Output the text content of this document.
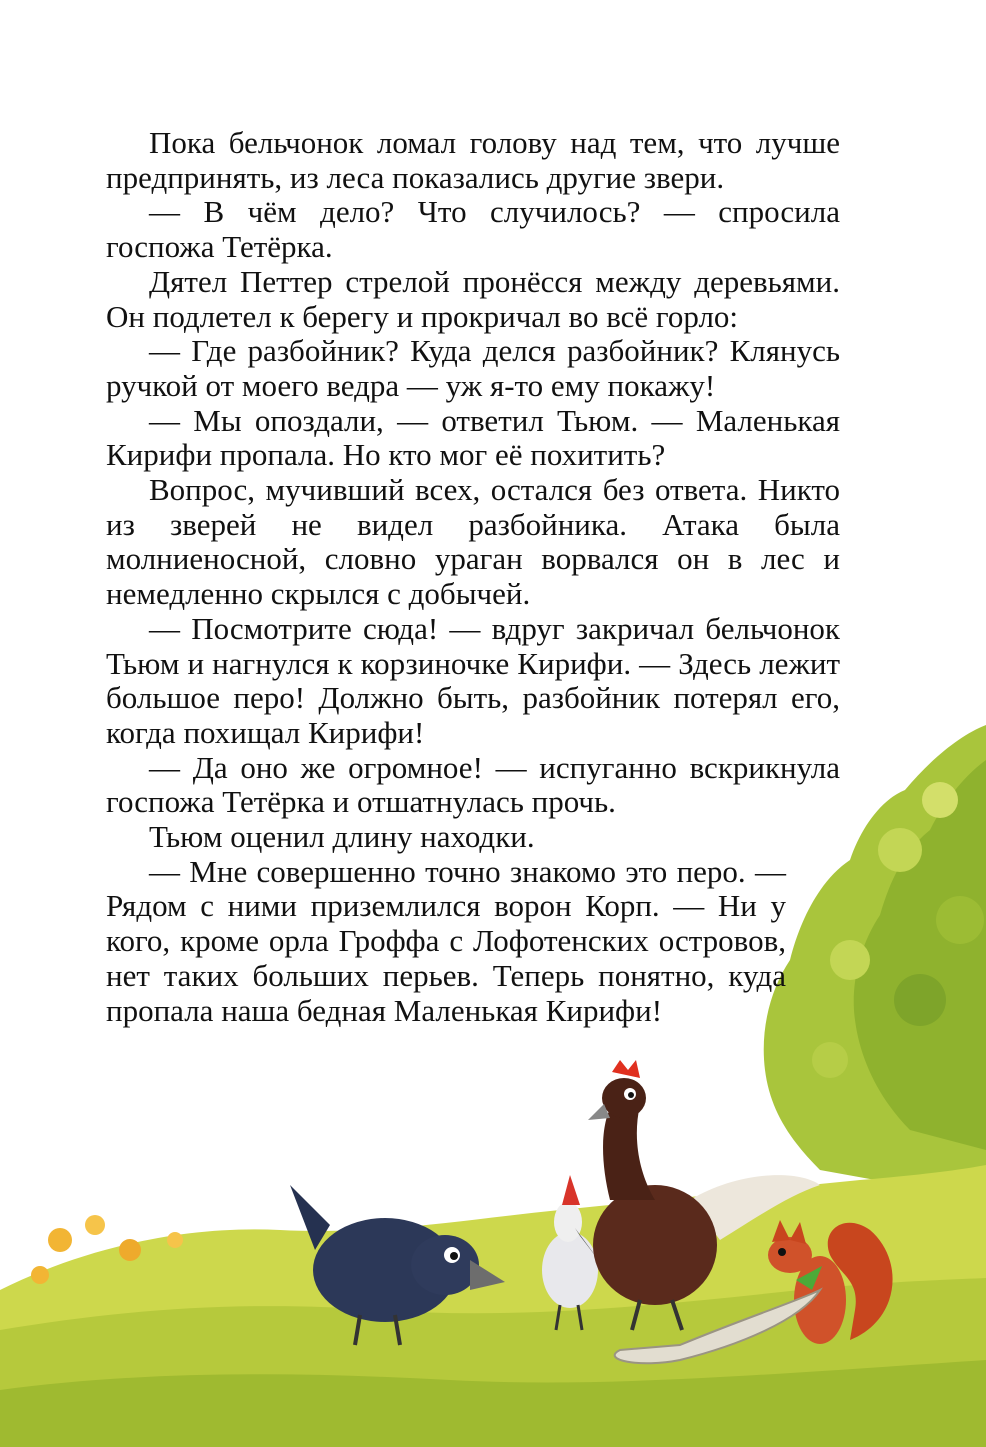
Пока бельчонок ломал голову над тем, что лучше предпринять, из леса показались другие звери.

— В чём дело? Что случилось? — спросила госпожа Тетёрка.

Дятел Петтер стрелой пронёсся между деревьями. Он подлетел к берегу и прокричал во всё горло:

— Где разбойник? Куда делся разбойник? Клянусь ручкой от моего ведра — уж я-то ему покажу!

— Мы опоздали, — ответил Тьюм. — Маленькая Кирифи пропала. Но кто мог её похитить?

Вопрос, мучивший всех, остался без ответа. Никто из зверей не видел разбойника. Атака была молниеносной, словно ураган ворвался он в лес и немедленно скрылся с добычей.

— Посмотрите сюда! — вдруг закричал бельчонок Тьюм и нагнулся к корзиночке Кирифи. — Здесь лежит большое перо! Должно быть, разбойник потерял его, когда похищал Кирифи!

— Да оно же огромное! — испуганно вскрикнула госпожа Тетёрка и отшатнулась прочь.

Тьюм оценил длину находки.

— Мне совершенно точно знакомо это перо. — Рядом с ними приземлился ворон Корп. — Ни у кого, кроме орла Гроффа с Лофотенских островов, нет таких больших перьев. Теперь понятно, куда пропала наша бедная Маленькая Кирифи!
